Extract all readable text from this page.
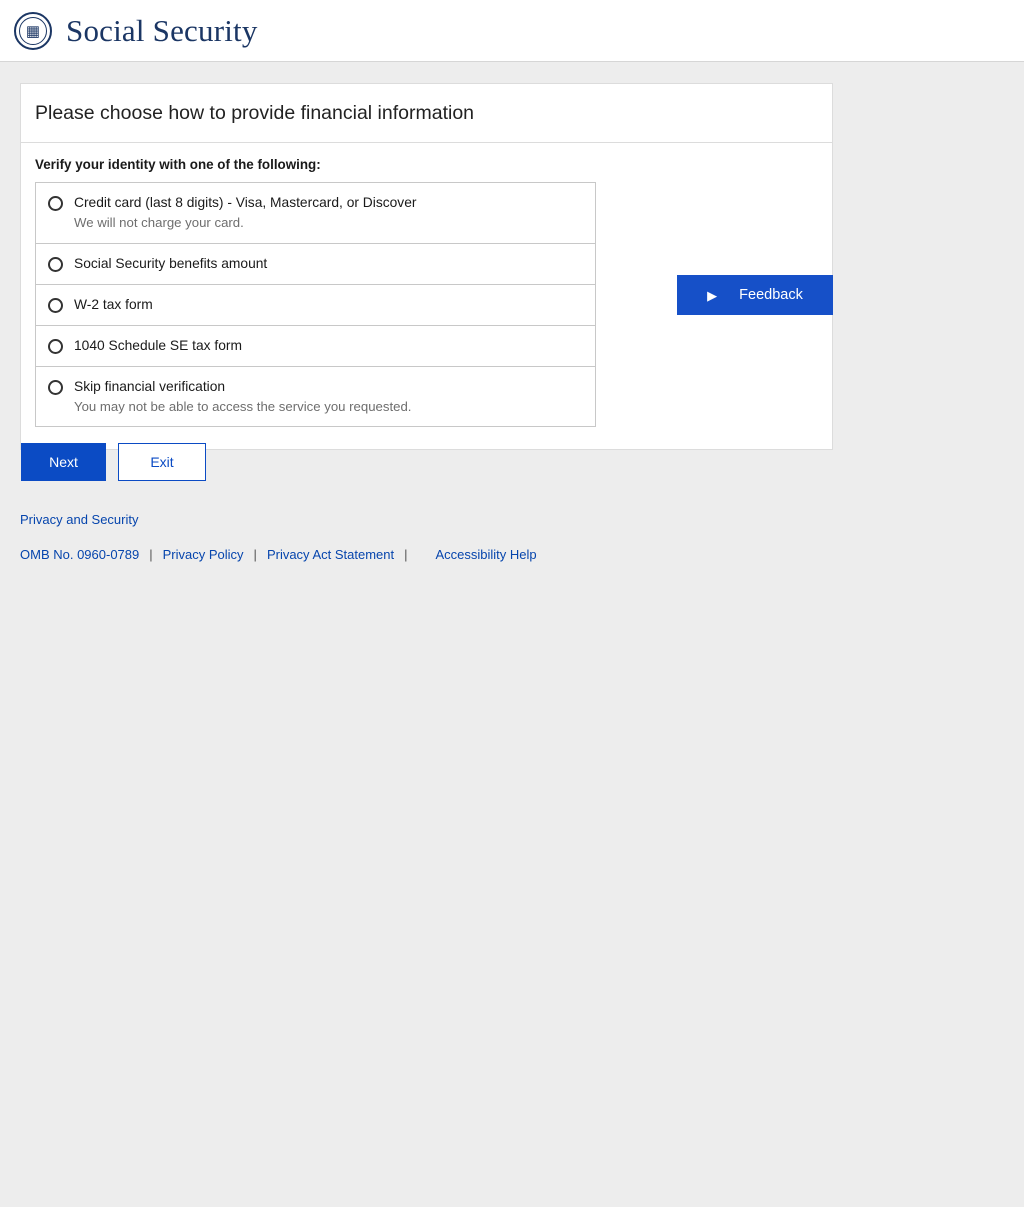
▦ Social Security
Please choose how to provide financial information

Verify your identity with one of the following:

Credit card (last 8 digits) - Visa, Mastercard, or Discover
We will not charge your card.
Social Security benefits amount
W-2 tax form
1040 Schedule SE tax form
Skip financial verification
You may not be able to access the service you requested.
▶ Feedback
Next	Exit
Privacy and Security
OMB No. 0960-0789 | Privacy Policy | Privacy Act Statement | Accessibility Help
